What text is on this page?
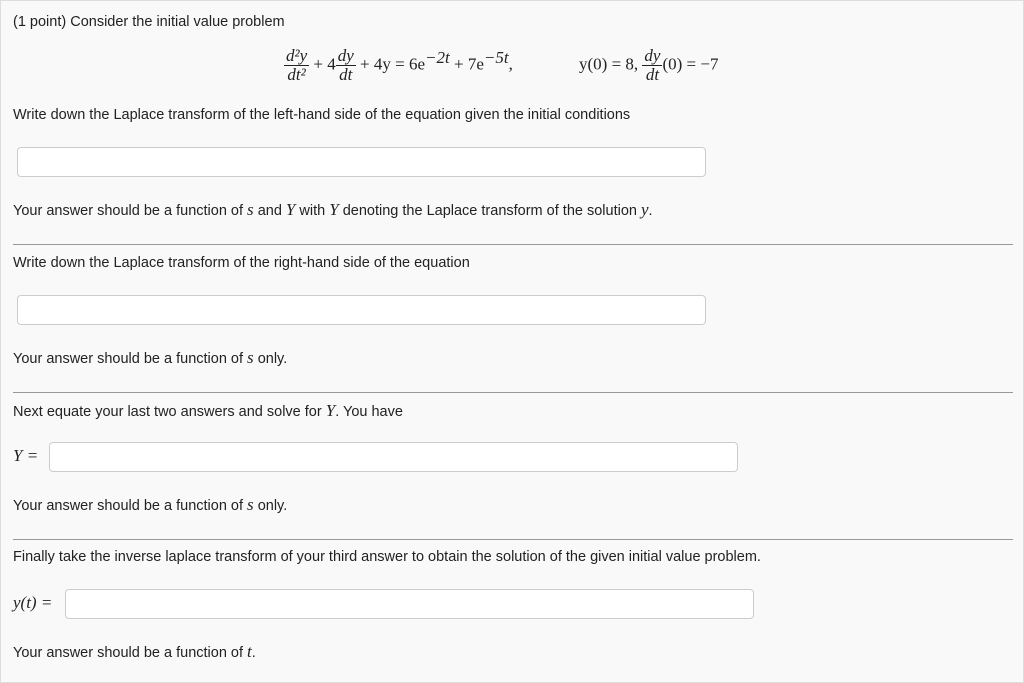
(1 point) Consider the initial value problem
$\frac{\text{d²y}}{\text{dt²}} + 4 \frac{dy}{dt} + 4y = 6e^{-2t} + 7e^{-5t}$,	y(0) = 8, $\frac{dy}{dt} (0) = -7$
Write down the Laplace transform of the left-hand side of the equation given the initial conditions
Your answer should be a function of s and Y with Y denoting the Laplace transform of the solution y.
Write down the Laplace transform of the right-hand side of the equation
Your answer should be a function of s only.
Next equate your last two answers and solve for Y. You have
Y =
Your answer should be a function of s only.
Finally take the inverse laplace transform of your third answer to obtain the solution of the given initial value problem.
y(t) =
Your answer should be a function of t.
